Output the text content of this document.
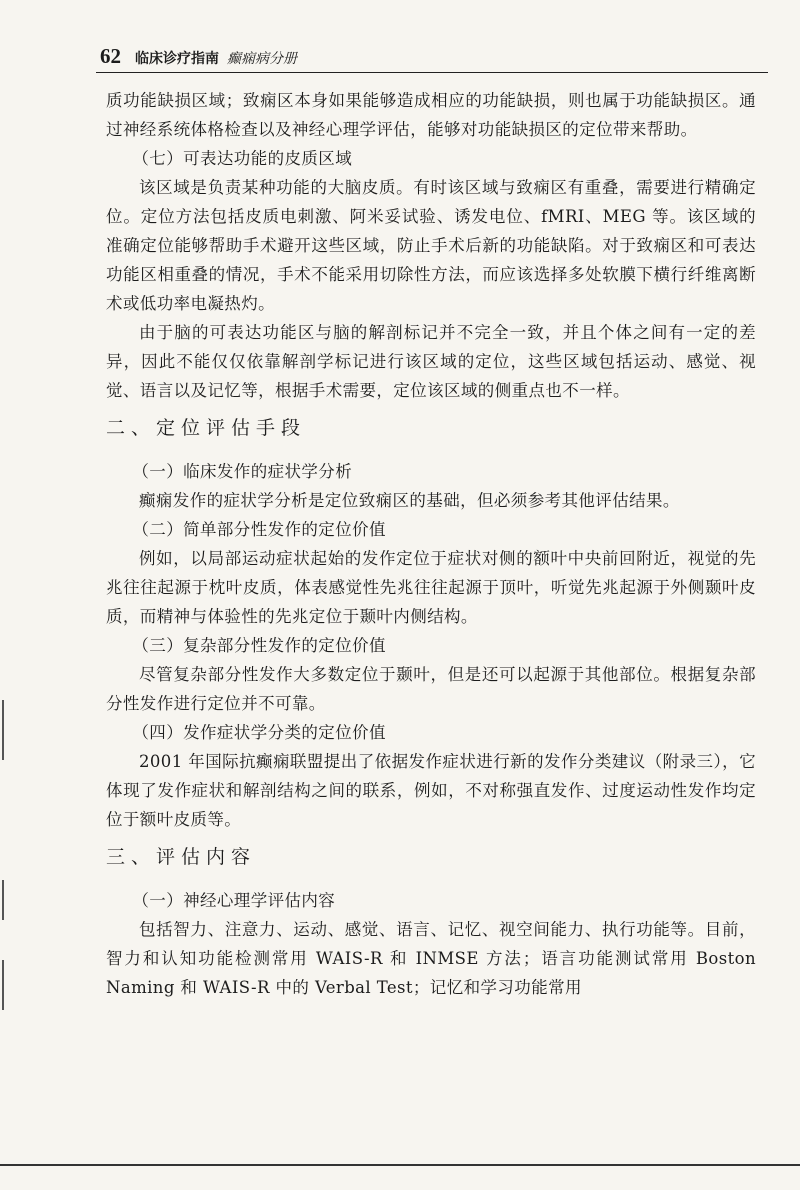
62 临床诊疗指南 癫痫病分册

质功能缺损区域；致痫区本身如果能够造成相应的功能缺损，则也属于功能缺损区。通过神经系统体格检查以及神经心理学评估，能够对功能缺损区的定位带来帮助。

（七）可表达功能的皮质区域

该区域是负责某种功能的大脑皮质。有时该区域与致痫区有重叠，需要进行精确定位。定位方法包括皮质电刺激、阿米妥试验、诱发电位、fMRI、MEG 等。该区域的准确定位能够帮助手术避开这些区域，防止手术后新的功能缺陷。对于致痫区和可表达功能区相重叠的情况，手术不能采用切除性方法，而应该选择多处软膜下横行纤维离断术或低功率电凝热灼。

由于脑的可表达功能区与脑的解剖标记并不完全一致，并且个体之间有一定的差异，因此不能仅仅依靠解剖学标记进行该区域的定位，这些区域包括运动、感觉、视觉、语言以及记忆等，根据手术需要，定位该区域的侧重点也不一样。

二、定位评估手段

（一）临床发作的症状学分析

癫痫发作的症状学分析是定位致痫区的基础，但必须参考其他评估结果。

（二）简单部分性发作的定位价值

例如，以局部运动症状起始的发作定位于症状对侧的额叶中央前回附近，视觉的先兆往往起源于枕叶皮质，体表感觉性先兆往往起源于顶叶，听觉先兆起源于外侧颞叶皮质，而精神与体验性的先兆定位于颞叶内侧结构。

（三）复杂部分性发作的定位价值

尽管复杂部分性发作大多数定位于颞叶，但是还可以起源于其他部位。根据复杂部分性发作进行定位并不可靠。

（四）发作症状学分类的定位价值

2001 年国际抗癫痫联盟提出了依据发作症状进行新的发作分类建议（附录三），它体现了发作症状和解剖结构之间的联系，例如，不对称强直发作、过度运动性发作均定位于额叶皮质等。

三、评估内容

（一）神经心理学评估内容

包括智力、注意力、运动、感觉、语言、记忆、视空间能力、执行功能等。目前，智力和认知功能检测常用 WAIS-R 和 INMSE 方法；语言功能测试常用 Boston Naming 和 WAIS-R 中的 Verbal Test；记忆和学习功能常用
